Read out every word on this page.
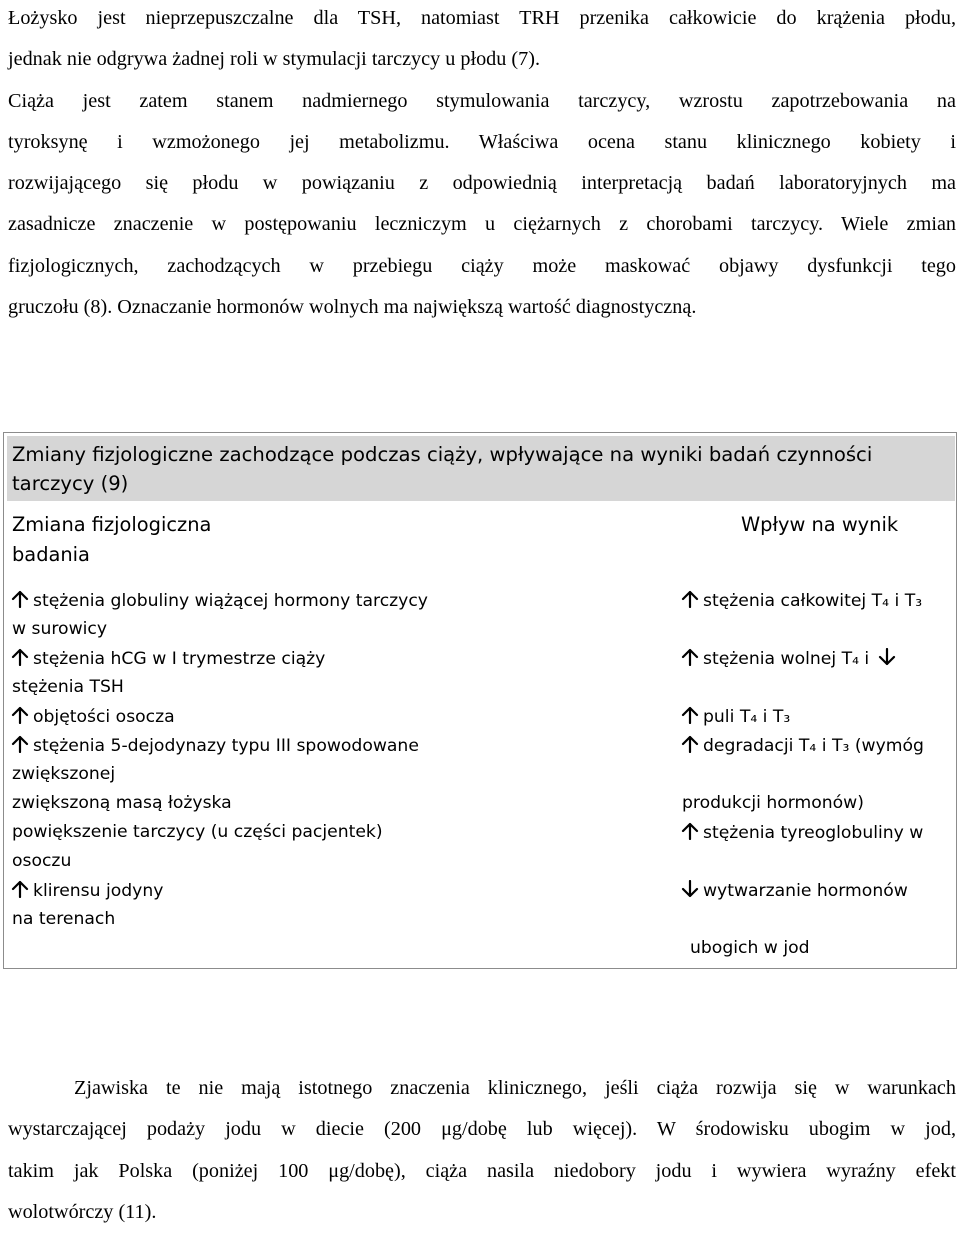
Łożysko jest nieprzepuszczalne dla TSH, natomiast TRH przenika całkowicie do krążenia płodu,
jednak nie odgrywa żadnej roli w stymulacji tarczycy u płodu (7).
Ciąża jest zatem stanem nadmiernego stymulowania tarczycy, wzrostu zapotrzebowania na
tyroksynę i wzmożonego jej metabolizmu. Właściwa ocena stanu klinicznego kobiety i
rozwijającego się płodu w powiązaniu z odpowiednią interpretacją badań laboratoryjnych ma
zasadnicze znaczenie w postępowaniu leczniczym u ciężarnych z chorobami tarczycy. Wiele zmian
fizjologicznych, zachodzących w przebiegu ciąży może maskować objawy dysfunkcji tego
gruczołu (8). Oznaczanie hormonów wolnych ma największą wartość diagnostyczną.
Zmiany fizjologiczne zachodzące podczas ciąży, wpływające na wyniki badań czynności
tarczycy (9)
Zmiana fizjologiczna
badania
Wpływ na wynik
stężenia globuliny wiążącej hormony tarczycy
w surowicy
stężenia hCG w I trymestrze ciąży
stężenia TSH
objętości osocza
stężenia 5-dejodynazy typu III spowodowane
zwiększonej
zwiększoną masą łożyska
powiększenie tarczycy (u części pacjentek)
osoczu
klirensu jodyny
na terenach
stężenia całkowitej T₄ i T₃
stężenia wolnej T₄ i
puli T₄ i T₃
degradacji T₄ i T₃ (wymóg
produkcji hormonów)
stężenia tyreoglobuliny w
wytwarzanie hormonów
ubogich w jod
Zjawiska te nie mają istotnego znaczenia klinicznego, jeśli ciąża rozwija się w warunkach
wystarczającej podaży jodu w diecie (200 μg/dobę lub więcej). W środowisku ubogim w jod,
takim jak Polska (poniżej 100 μg/dobę), ciąża nasila niedobory jodu i wywiera wyraźny efekt
wolotwórczy (11).
